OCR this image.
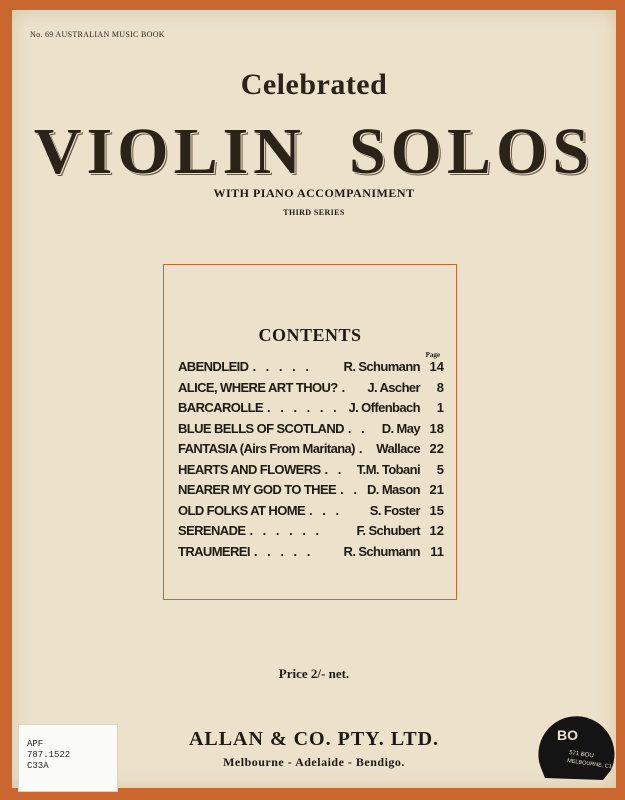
No. 69 AUSTRALIAN MUSIC BOOK
Celebrated
VIOLIN  SOLOS
WITH PIANO ACCOMPANIMENT
THIRD SERIES
CONTENTS
Page
ABENDLEID . . . . .	R. Schumann 14
ALICE, WHERE ART THOU? .	J. Ascher	8
BARCAROLLE . . . . . . J. Offenbach	1
BLUE BELLS OF SCOTLAND . .	D. May 18
FANTASIA (Airs From Maritana) . Wallace 22
HEARTS AND FLOWERS . . T.M. Tobani	5
NEARER MY GOD TO THEE . . D. Mason 21
OLD FOLKS AT HOME . . .	S. Foster 15
SERENADE . . . . . .	F. Schubert 12
TRAUMEREI . . . . .	R. Schumann 11
Price 2/- net.
ALLAN & CO. PTY. LTD.
Melbourne - Adelaide - Bendigo.
APF
787.1522
C33A
BO
571 BOU
MELBOURNE, C1
